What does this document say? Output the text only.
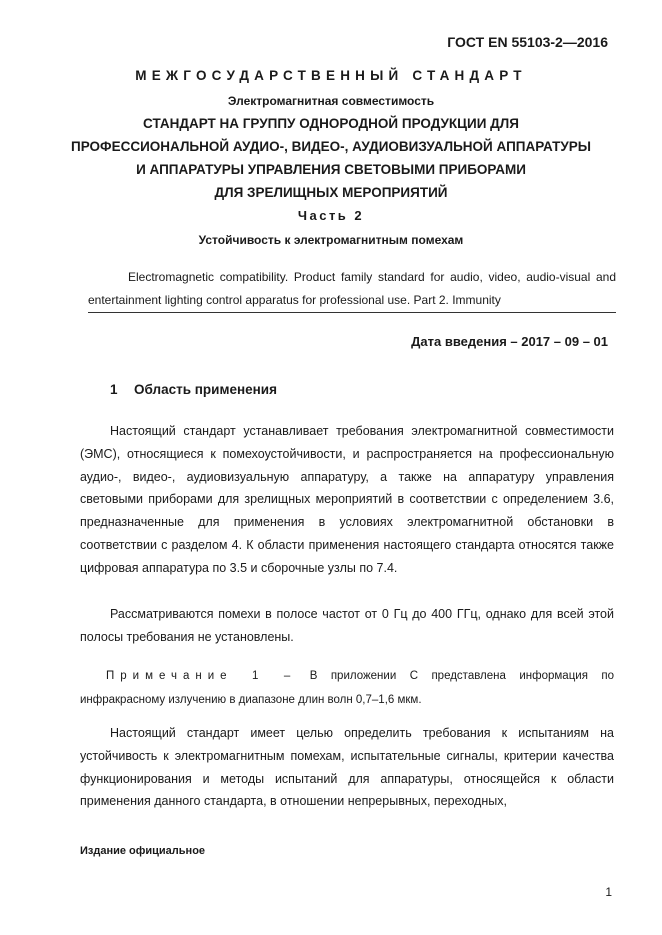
ГОСТ EN 55103-2—2016
МЕЖГОСУДАРСТВЕННЫЙ СТАНДАРТ
Электромагнитная совместимость
СТАНДАРТ НА ГРУППУ ОДНОРОДНОЙ ПРОДУКЦИИ ДЛЯ
ПРОФЕССИОНАЛЬНОЙ АУДИО-, ВИДЕО-, АУДИОВИЗУАЛЬНОЙ АППАРАТУРЫ
И АППАРАТУРЫ УПРАВЛЕНИЯ СВЕТОВЫМИ ПРИБОРАМИ
ДЛЯ ЗРЕЛИЩНЫХ МЕРОПРИЯТИЙ
Часть 2
Устойчивость к электромагнитным помехам
Electromagnetic compatibility. Product family standard for audio, video, audio-visual and entertainment lighting control apparatus for professional use. Part 2. Immunity
Дата введения – 2017 – 09 – 01
1 Область применения
Настоящий стандарт устанавливает требования электромагнитной совместимости (ЭМС), относящиеся к помехоустойчивости, и распространяется на профессиональную аудио-, видео-, аудиовизуальную аппаратуру, а также на аппаратуру управления световыми приборами для зрелищных мероприятий в соответствии с определением 3.6, предназначенные для применения в условиях электромагнитной обстановки в соответствии с разделом 4. К области применения настоящего стандарта относятся также цифровая аппаратура по 3.5 и сборочные узлы по 7.4.
Рассматриваются помехи в полосе частот от 0 Гц до 400 ГГц, однако для всей этой полосы требования не установлены.
Примечание 1 – В приложении С представлена информация по инфракрасному излучению в диапазоне длин волн 0,7–1,6 мкм.
Настоящий стандарт имеет целью определить требования к испытаниям на устойчивость к электромагнитным помехам, испытательные сигналы, критерии качества функционирования и методы испытаний для аппаратуры, относящейся к области применения данного стандарта, в отношении непрерывных, переходных,
Издание официальное
1
